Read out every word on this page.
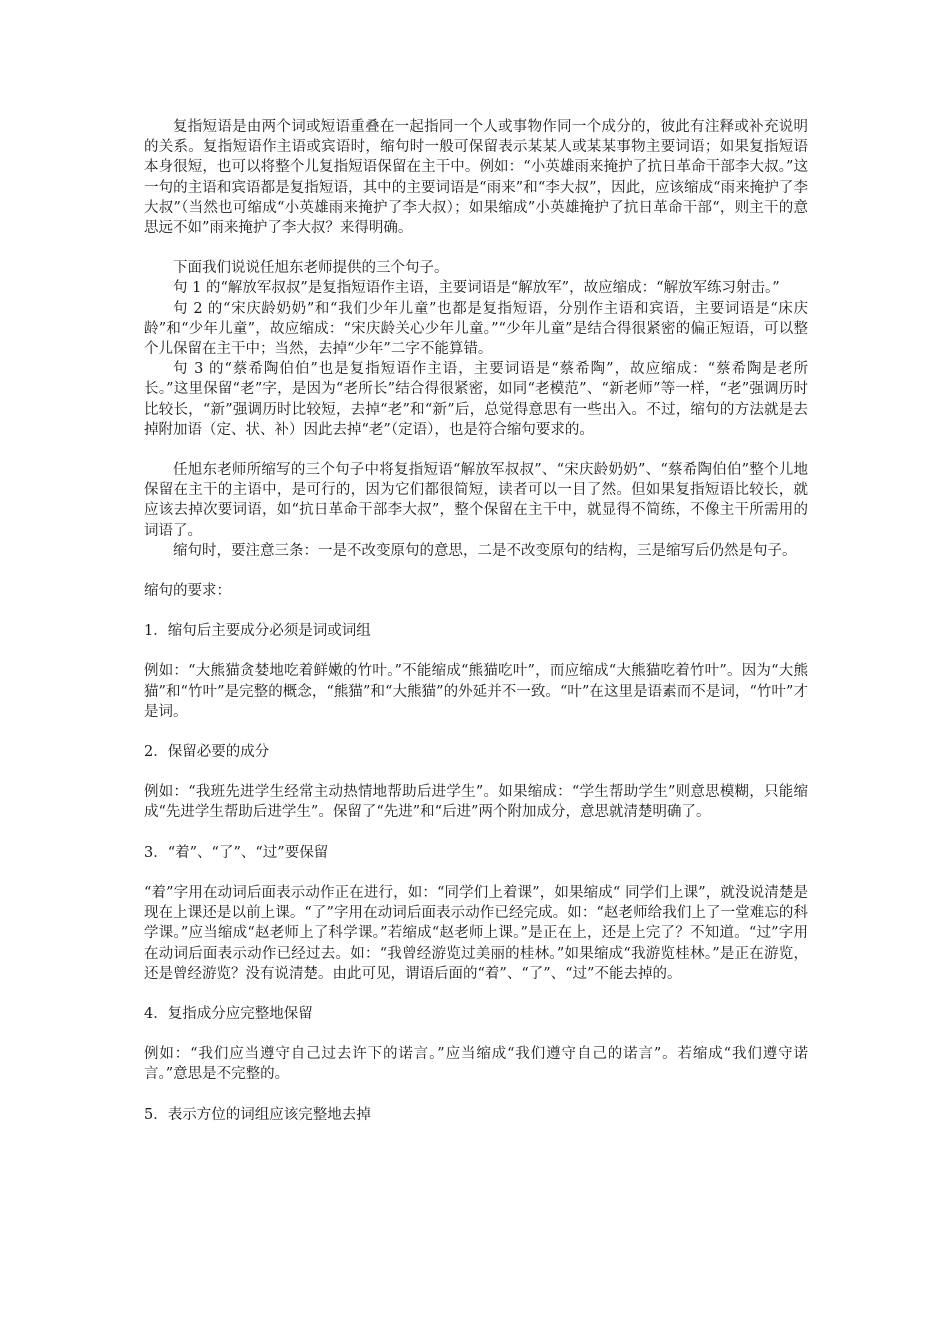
复指短语是由两个词或短语重叠在一起指同一个人或事物作同一个成分的，彼此有注释或补充说明的关系。复指短语作主语或宾语时，缩句时一般可保留表示某某人或某某事物主要词语；如果复指短语本身很短，也可以将整个儿复指短语保留在主干中。例如：“小英雄雨来掩护了抗日革命干部李大叔。”这一句的主语和宾语都是复指短语，其中的主要词语是“雨来”和“李大叔”，因此，应该缩成“雨来掩护了李大叔”（当然也可缩成“小英雄雨来掩护了李大叔）；如果缩成”小英雄掩护了抗日革命干部“，则主干的意思远不如”雨来掩护了李大叔？来得明确。

下面我们说说任旭东老师提供的三个句子。

句 1 的“解放军叔叔”是复指短语作主语，主要词语是“解放军”，故应缩成：“解放军练习射击。”

句 2 的“宋庆龄奶奶”和“我们少年儿童”也都是复指短语，分别作主语和宾语，主要词语是“床庆龄”和“少年儿童”，故应缩成：“宋庆龄关心少年儿童。”“少年儿童”是结合得很紧密的偏正短语，可以整个儿保留在主干中；当然，去掉“少年”二字不能算错。

句 3 的“蔡希陶伯伯”也是复指短语作主语，主要词语是“蔡希陶”，故应缩成：“蔡希陶是老所长。”这里保留“老”字，是因为“老所长”结合得很紧密，如同“老模范”、“新老师”等一样，“老”强调历时比较长，“新”强调历时比较短，去掉“老”和“新”后，总觉得意思有一些出入。不过，缩句的方法就是去掉附加语（定、状、补）因此去掉“老”（定语），也是符合缩句要求的。

任旭东老师所缩写的三个句子中将复指短语“解放军叔叔”、“宋庆龄奶奶”、“蔡希陶伯伯”整个儿地保留在主干的主语中，是可行的，因为它们都很简短，读者可以一目了然。但如果复指短语比较长，就应该去掉次要词语，如“抗日革命干部李大叔”，整个保留在主干中，就显得不简练，不像主干所需用的词语了。

缩句时，要注意三条：一是不改变原句的意思，二是不改变原句的结构，三是缩写后仍然是句子。

缩句的要求：

1．缩句后主要成分必须是词或词组

例如：“大熊猫贪婪地吃着鲜嫩的竹叶。”不能缩成“熊猫吃叶”，而应缩成“大熊猫吃着竹叶”。因为“大熊猫”和“竹叶”是完整的概念，“熊猫”和“大熊猫”的外延并不一致。“叶”在这里是语素而不是词，“竹叶”才是词。

2．保留必要的成分

例如：“我班先进学生经常主动热情地帮助后进学生”。如果缩成：“学生帮助学生”则意思模糊，只能缩成“先进学生帮助后进学生”。保留了“先进”和“后进”两个附加成分，意思就清楚明确了。

3．“着”、“了”、“过”要保留

“着”字用在动词后面表示动作正在进行，如：“同学们上着课”，如果缩成“ 同学们上课”，就没说清楚是现在上课还是以前上课。“了”字用在动词后面表示动作已经完成。如：“赵老师给我们上了一堂难忘的科学课。”应当缩成“赵老师上了科学课。”若缩成“赵老师上课。”是正在上，还是上完了？不知道。“过”字用在动词后面表示动作已经过去。如：“我曾经游览过美丽的桂林。”如果缩成“我游览桂林。”是正在游览，还是曾经游览？没有说清楚。由此可见，谓语后面的“着”、“了”、“过”不能去掉的。

4．复指成分应完整地保留

例如：“我们应当遵守自己过去许下的诺言。”应当缩成“我们遵守自己的诺言”。若缩成“我们遵守诺言。”意思是不完整的。

5．表示方位的词组应该完整地去掉
